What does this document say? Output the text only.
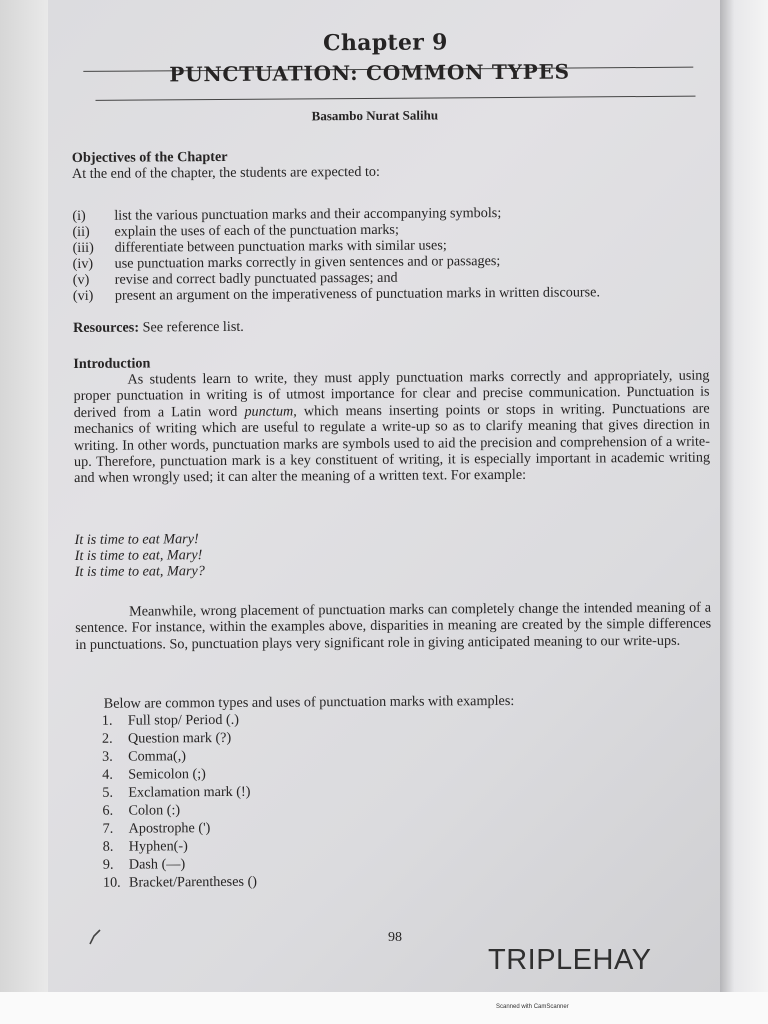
Chapter 9
PUNCTUATION: COMMON TYPES
Basambo Nurat Salihu
Objectives of the Chapter
At the end of the chapter, the students are expected to:
(i) list the various punctuation marks and their accompanying symbols;
(ii) explain the uses of each of the punctuation marks;
(iii) differentiate between punctuation marks with similar uses;
(iv) use punctuation marks correctly in given sentences and or passages;
(v) revise and correct badly punctuated passages; and
(vi) present an argument on the imperativeness of punctuation marks in written discourse.
Resources: See reference list.
Introduction
As students learn to write, they must apply punctuation marks correctly and appropriately, using proper punctuation in writing is of utmost importance for clear and precise communication. Punctuation is derived from a Latin word punctum, which means inserting points or stops in writing. Punctuations are mechanics of writing which are useful to regulate a write-up so as to clarify meaning that gives direction in writing. In other words, punctuation marks are symbols used to aid the precision and comprehension of a write-up. Therefore, punctuation mark is a key constituent of writing, it is especially important in academic writing and when wrongly used; it can alter the meaning of a written text. For example:
It is time to eat Mary!
It is time to eat, Mary!
It is time to eat, Mary?
Meanwhile, wrong placement of punctuation marks can completely change the intended meaning of a sentence. For instance, within the examples above, disparities in meaning are created by the simple differences in punctuations. So, punctuation plays very significant role in giving anticipated meaning to our write-ups.
Below are common types and uses of punctuation marks with examples:
1. Full stop/ Period (.)
2. Question mark (?)
3. Comma(,)
4. Semicolon (;)
5. Exclamation mark (!)
6. Colon (:)
7. Apostrophe (')
8. Hyphen(-)
9. Dash (—)
10. Bracket/Parentheses ()
98
TRIPLEHAY
Scanned with CamScanner
